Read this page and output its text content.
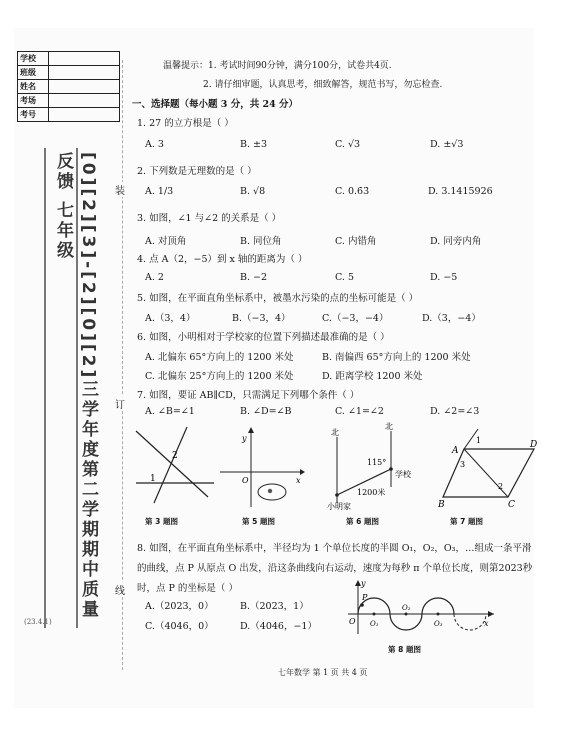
学校	
班级	
姓名	
考场	
考号	
[0][2][3]-[2][0][2]三学年度第二学期期中质量反馈 七年级
(23.4.1)
装
订
线
温馨提示：1. 考试时间90分钟，满分100分，试卷共4页.
2. 请仔细审题，认真思考，细致解答，规范书写，勿忘检查.
一、选择题（每小题 3 分，共 24 分）
1. 27 的立方根是（ ）
A. 3	B. ±3	C. √3	D. ±√3
2. 下列数是无理数的是（ ）
A. 1/3	B. √8	C. 0.6̇3̇	D. 3.1415926
3. 如图，∠1 与∠2 的关系是（ ）
A. 对顶角	B. 同位角	C. 内错角	D. 同旁内角
4. 点 A（2，−5）到 x 轴的距离为（ ）
A. 2	B. −2	C. 5	D. −5
5. 如图，在平面直角坐标系中，被墨水污染的点的坐标可能是（ ）
A.（3，4）	B.（−3，4）	C.（−3，−4）	D.（3，−4）
6. 如图，小明相对于学校家的位置下列描述最准确的是（ ）
A. 北偏东 65°方向上的 1200 米处	B. 南偏西 65°方向上的 1200 米处
C. 北偏东 25°方向上的 1200 米处	D. 距离学校 1200 米处
7. 如图，要证 AB∥CD，只需满足下列哪个条件（ ）
A. ∠B=∠1	B. ∠D=∠B	C. ∠1=∠2	D. ∠2=∠3
1
2
第 3 题图
y
x
O
第 5 题图
北
北
115°
学校
1200米
小明家
第 6 题图
A
D
B	C
1
2
3
第 7 题图
8. 如图，在平面直角坐标系中，半径均为 1 个单位长度的半圆 O₁，O₂，O₃，…组成一条平滑
的曲线，点 P 从原点 O 出发，沿这条曲线向右运动，速度为每秒 π 个单位长度，则第2023秒
时，点 P 的坐标是（ ）
A.（2023，0）	B.（2023，1）
C.（4046，0）	D.（4046，−1）
y
x
O
P
O₁
O₂
O₃
第 8 题图
七年数学 第 1 页 共 4 页
